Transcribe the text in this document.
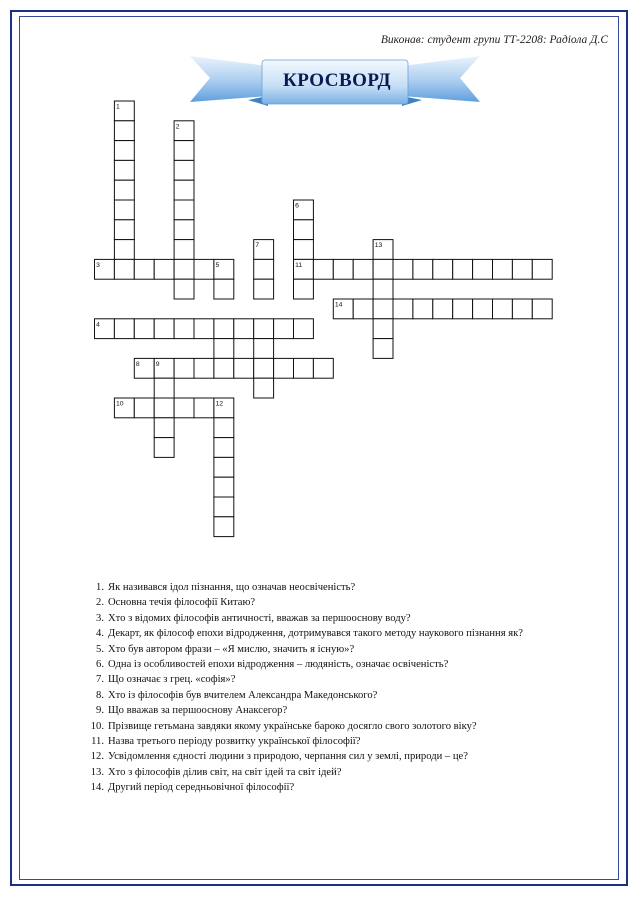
Виконав: студент групи ТТ-2208: Радіола Д.С
КРОСВОРД
1
2
6
7	13
3	5	11
14
4
8
10
9
12
1. Як називався ідол пізнання, що означав неосвіченість?
2. Основна течія філософії Китаю?
3. Хто з відомих філософів античності, вважав за першооснову воду?
4. Декарт, як філософ епохи відродження, дотримувався такого методу наукового пізнання як?
5. Хто був автором фрази – «Я мислю, значить я існую»?
6. Одна із особливостей епохи відродження – людяність, означає освіченість?
7. Що означає з грец. «софія»?
8. Хто із філософів був вчителем Александра Македонського?
9. Що вважав за першооснову Анаксегор?
10. Прізвище гетьмана завдяки якому українське бароко досягло свого золотого віку?
11. Назва третього періоду розвитку української філософії?
12. Усвідомлення єдності людини з природою, черпання сил у землі, природи – це?
13. Хто з філософів ділив світ, на світ ідей та світ ідей?
14. Другий період середньовічної філософії?
